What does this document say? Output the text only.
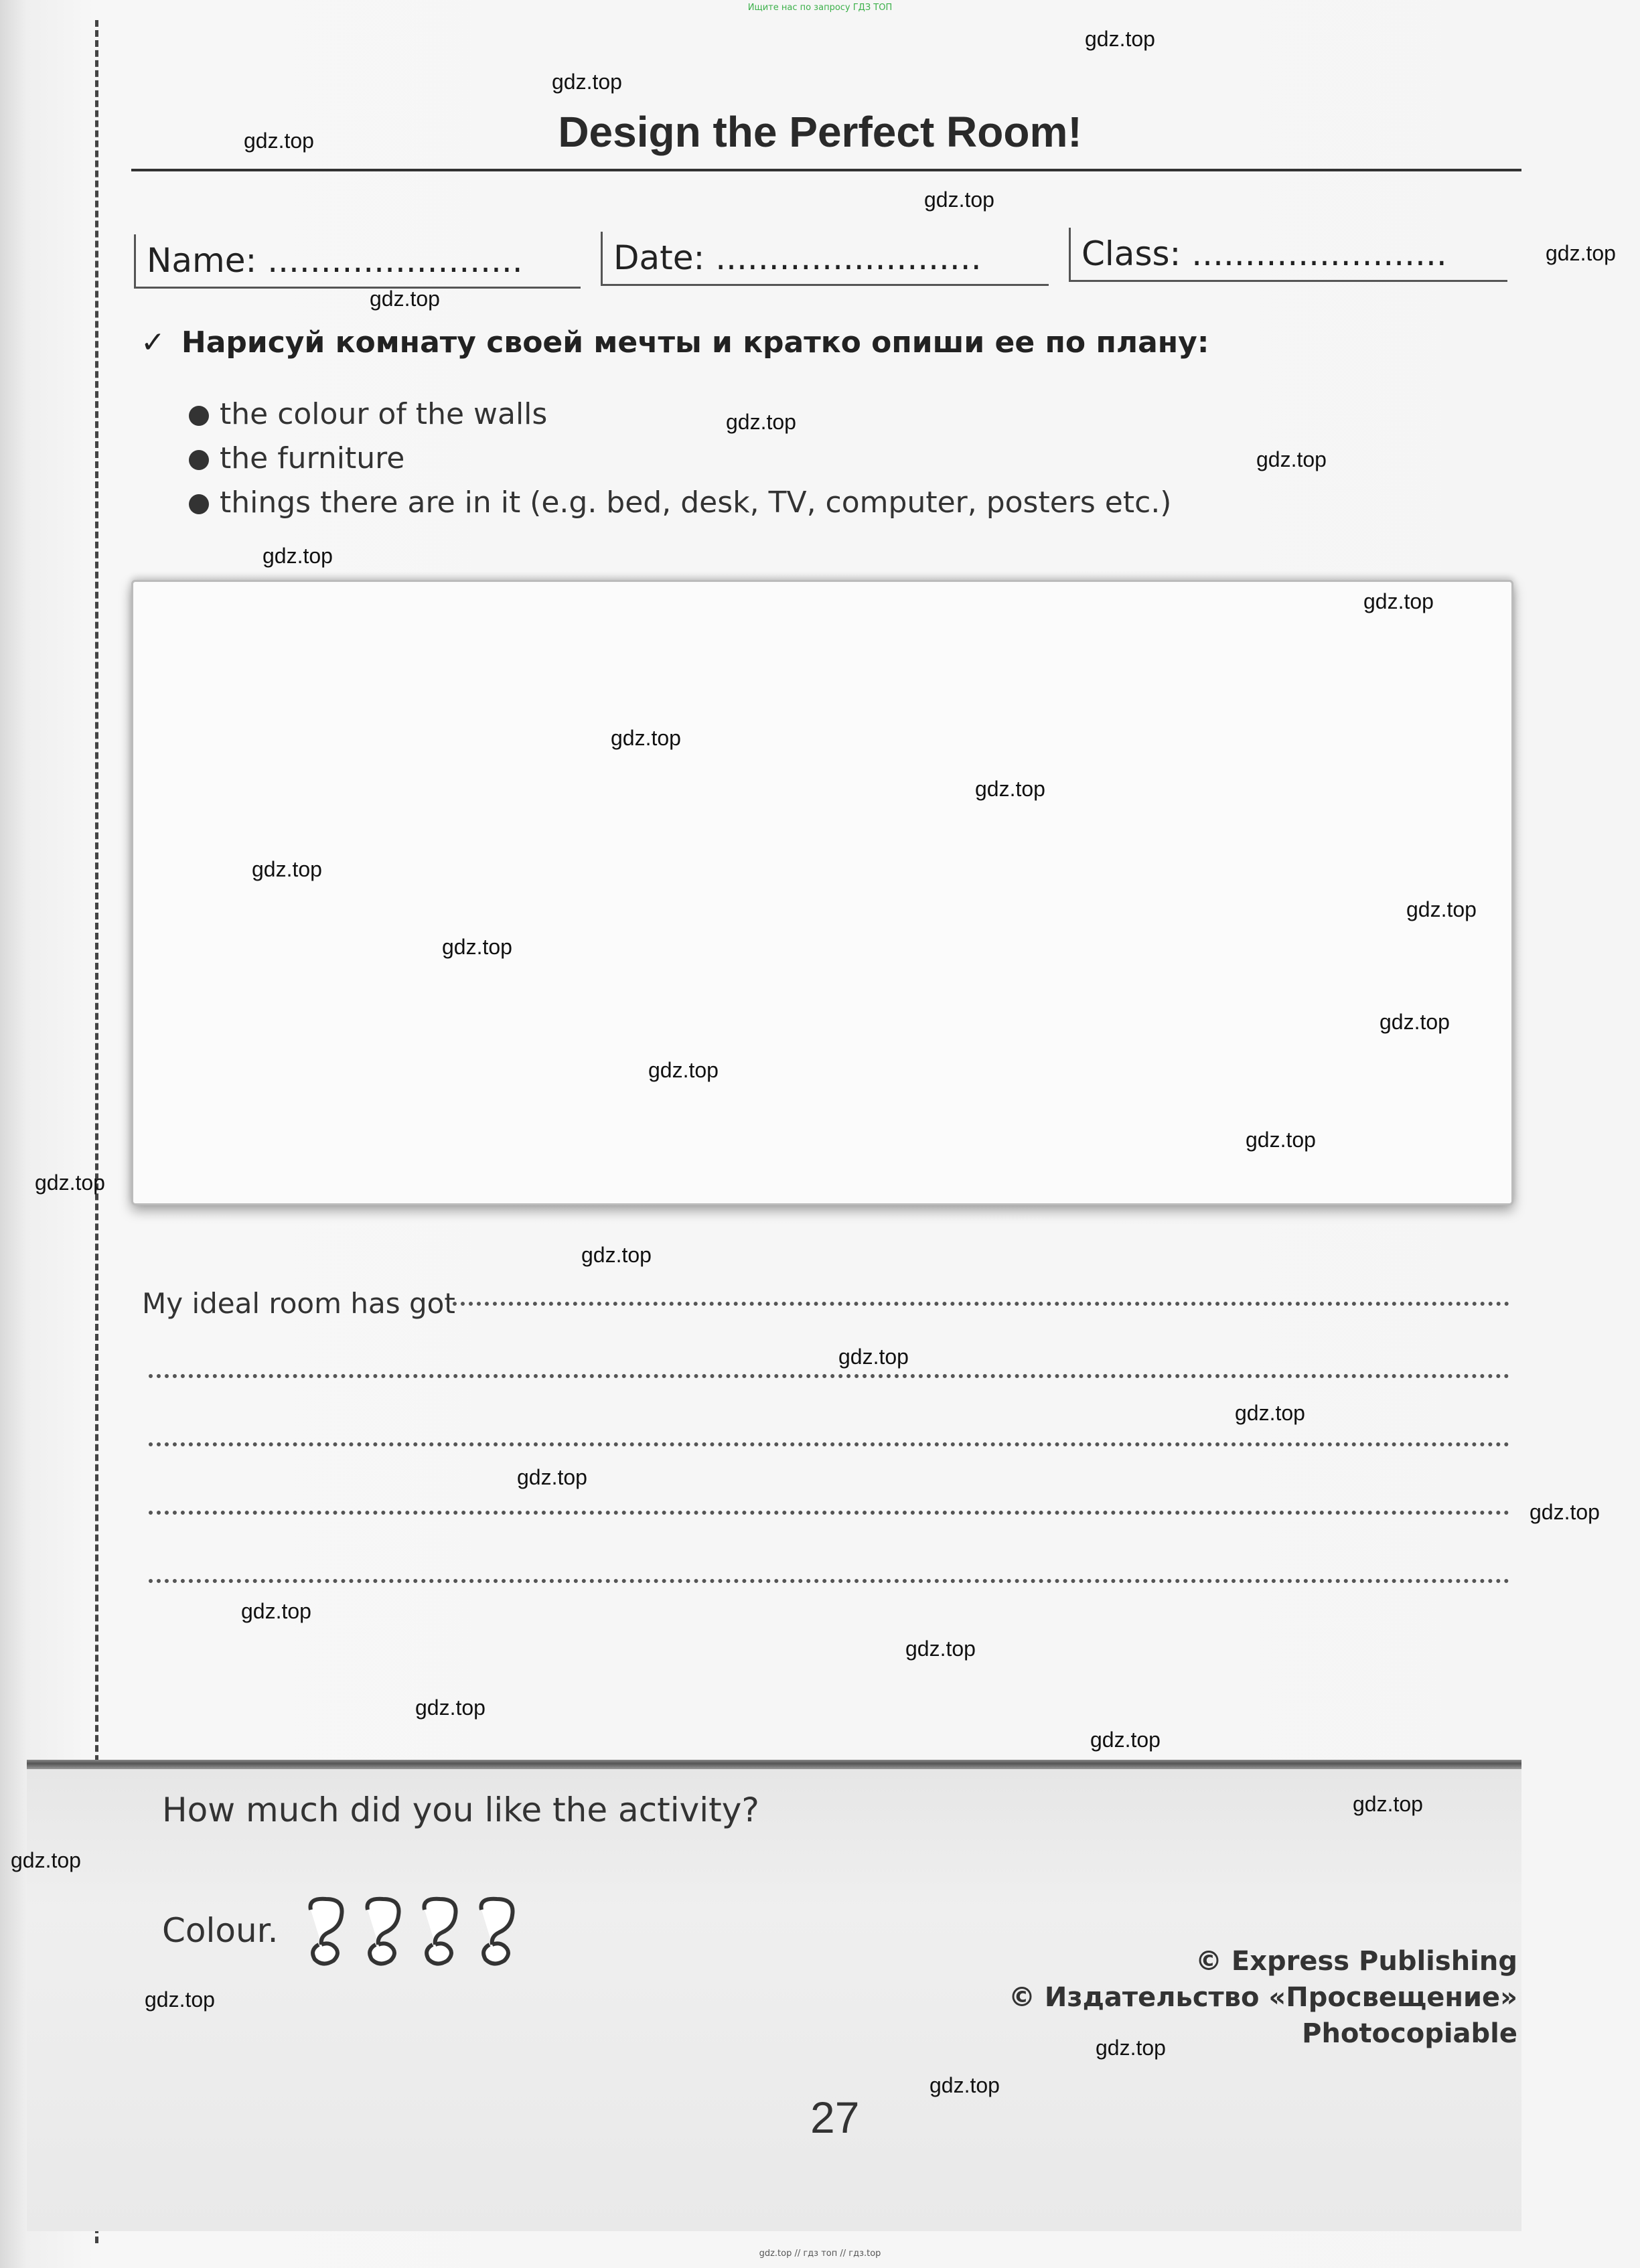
Ищите нас по запросу ГДЗ ТОП
Design the Perfect Room!
Name: ........................	Date: .........................	Class: ........................
✓ Нарисуй комнату своей мечты и кратко опиши ее по плану:
the colour of the walls
the furniture
things there are in it (e.g. bed, desk, TV, computer, posters etc.)
My ideal room has got
How much did you like the activity?
Colour.

© Express Publishing
© Издательство «Просвещение»
Photocopiable
27
gdz.top // гдз топ // гдз.top
gdz.top
gdz.top
gdz.top
gdz.top
gdz.top
gdz.top
gdz.top
gdz.top
gdz.top
gdz.top
gdz.top
gdz.top
gdz.top
gdz.top
gdz.top
gdz.top
gdz.top
gdz.top
gdz.top
gdz.top
gdz.top
gdz.top
gdz.top
gdz.top
gdz.top
gdz.top
gdz.top
gdz.top
gdz.top
gdz.top
gdz.top
gdz.top
gdz.top
